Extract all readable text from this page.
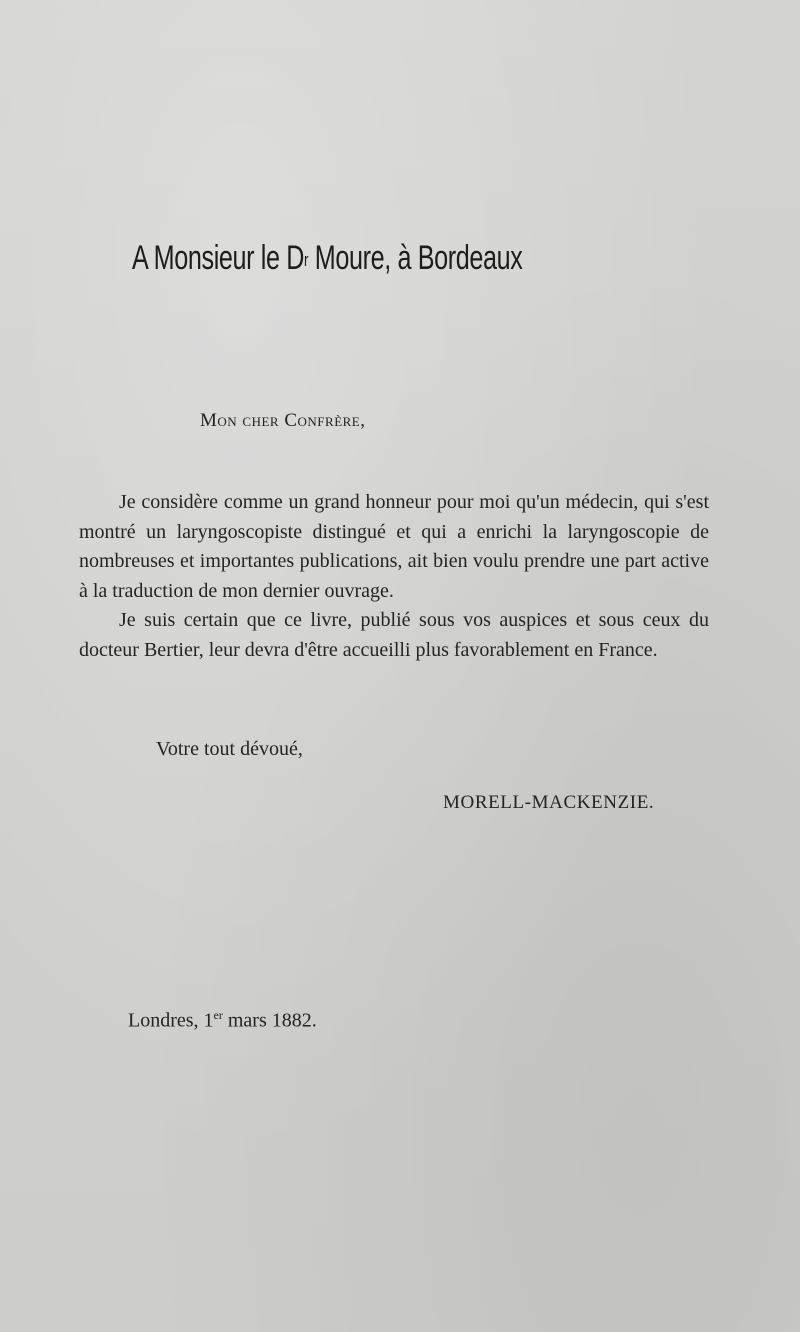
A Monsieur le $D^r$ Moure, à Bordeaux
Mon cher Confrère,

Je considère comme un grand honneur pour moi qu'un médecin, qui s'est montré un laryngoscopiste distingué et qui a enrichi la laryngoscopie de nombreuses et importantes publications, ait bien voulu prendre une part active à la traduction de mon dernier ouvrage.

Je suis certain que ce livre, publié sous vos auspices et sous ceux du docteur Bertier, leur devra d'être accueilli plus favorablement en France.

Votre tout dévoué,
MORELL-MACKENZIE.
Londres, 1er mars 1882.
